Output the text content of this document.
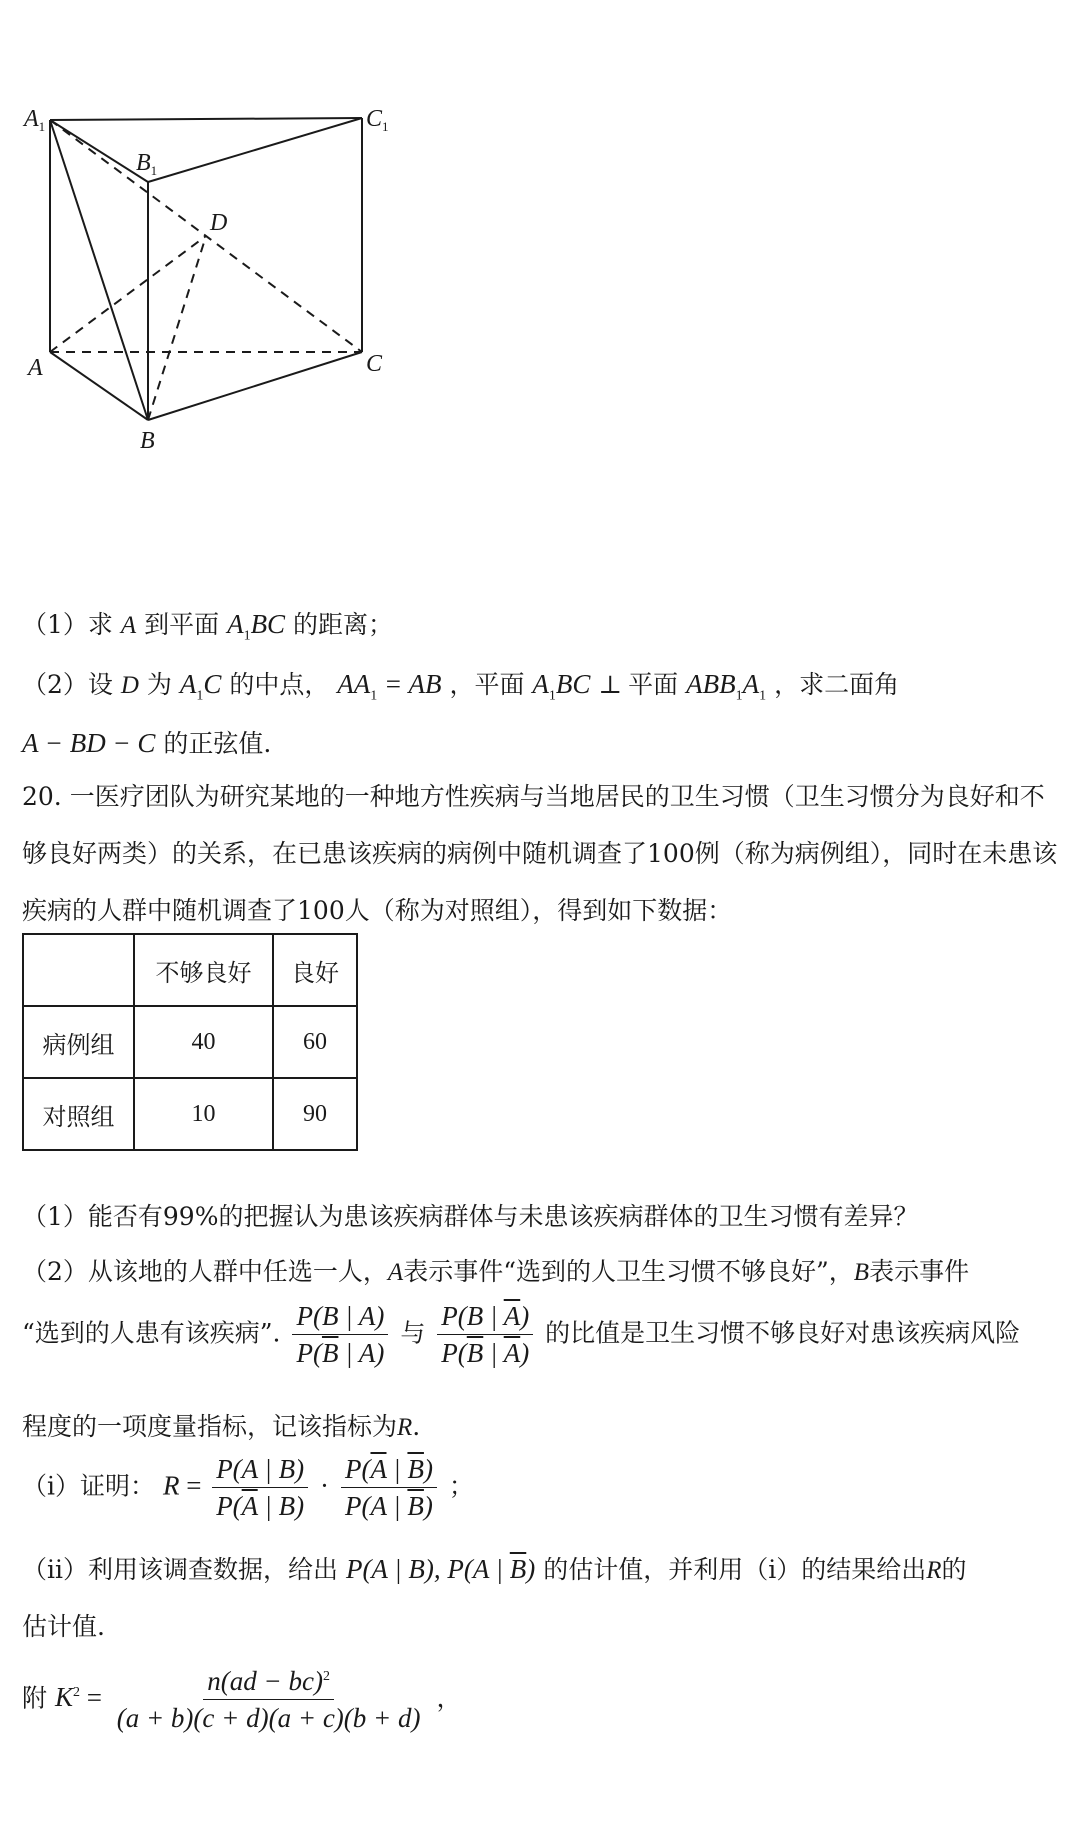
$A_1$
$B_1$
$C_1$
D
A
B
C
（1）求 A 到平面 $A_1BC$ 的距离；
（2）设 D 为 $A_1C$ 的中点， $AA_1$ = AB ，平面 $A_1BC$ ⊥ 平面 $ABB_1A_1$ ，求二面角
A − BD − C 的正弦值.
20. 一医疗团队为研究某地的一种地方性疾病与当地居民的卫生习惯（卫生习惯分为良好和不够良好两类）的关系，在已患该疾病的病例中随机调查了100例（称为病例组），同时在未患该疾病的人群中随机调查了100人（称为对照组），得到如下数据：
	不够良好	良好
病例组	40	60
对照组	10	90
（1）能否有99%的把握认为患该疾病群体与未患该疾病群体的卫生习惯有差异？
（2）从该地的人群中任选一人，A表示事件“选到的人卫生习惯不够良好”，B表示事件
“选到的人患有该疾病”. $\frac{P(B | A)}{P(\overline{B} | A)}$ 与 $\frac{P(B | \overline{A})}{P(\overline{B} | \overline{A})}$ 的比值是卫生习惯不够良好对患该疾病风险
程度的一项度量指标，记该指标为R.
（ⅰ）证明： $R = \frac{P(A | B)}{P(\overline{A} | B)} \cdot \frac{P(\overline{A} | \overline{B})}{P(A | \overline{B})}$ ；
（ⅱ）利用该调查数据，给出 P(A | B), P(A | $\overline{B}$) 的估计值，并利用（ⅰ）的结果给出R的
估计值.
附 $K^2 = \frac{n(ad - bc)^2}{(a + b)(c + d)(a + c)(b + d)}$ ，
